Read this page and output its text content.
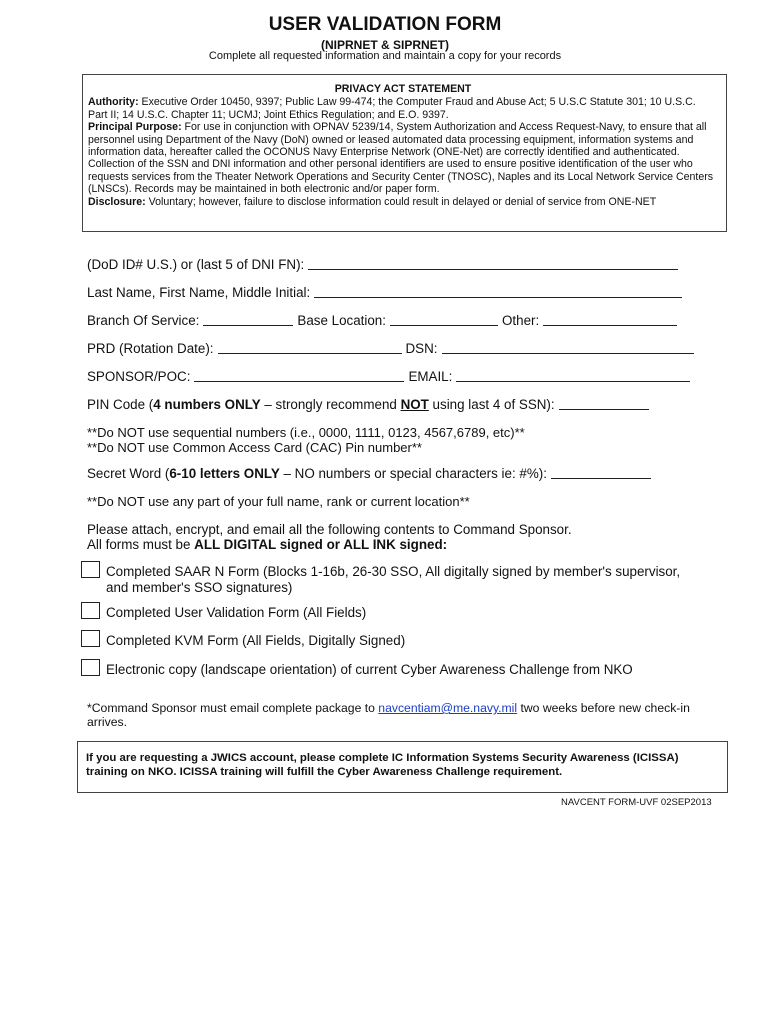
USER VALIDATION FORM
(NIPRNET & SIPRNET)
Complete all requested information and maintain a copy for your records
PRIVACY ACT STATEMENT

Authority: Executive Order 10450, 9397; Public Law 99-474; the Computer Fraud and Abuse Act; 5 U.S.C Statute 301; 10 U.S.C. Part II; 14 U.S.C. Chapter 11; UCMJ; Joint Ethics Regulation; and E.O. 9397.

Principal Purpose: For use in conjunction with OPNAV 5239/14, System Authorization and Access Request-Navy, to ensure that all personnel using Department of the Navy (DoN) owned or leased automated data processing equipment, information systems and information data, hereafter called the OCONUS Navy Enterprise Network (ONE-Net) are correctly identified and authenticated. Collection of the SSN and DNI information and other personal identifiers are used to ensure positive identification of the user who requests services from the Theater Network Operations and Security Center (TNOSC), Naples and its Local Network Service Centers (LNSCs). Records may be maintained in both electronic and/or paper form.

Disclosure: Voluntary; however, failure to disclose information could result in delayed or denial of service from ONE-NET

(DoD ID# U.S.) or (last 5 of DNI FN):
Last Name, First Name, Middle Initial:
Branch Of Service:	Base Location:	Other:
PRD (Rotation Date):	DSN:
SPONSOR/POC:	EMAIL:
PIN Code (4 numbers ONLY – strongly recommend NOT using last 4 of SSN):
**Do NOT use sequential numbers (i.e., 0000, 1111, 0123, 4567,6789, etc)**
**Do NOT use Common Access Card (CAC) Pin number**
Secret Word (6-10 letters ONLY – NO numbers or special characters ie: #%):
**Do NOT use any part of your full name, rank or current location**
Please attach, encrypt, and email all the following contents to Command Sponsor.
All forms must be ALL DIGITAL signed or ALL INK signed:
Completed SAAR N Form (Blocks 1-16b, 26-30 SSO, All digitally signed by member's supervisor, and member's SSO signatures)
Completed User Validation Form (All Fields)
Completed KVM Form (All Fields, Digitally Signed)
Electronic copy (landscape orientation) of current Cyber Awareness Challenge from NKO
*Command Sponsor must email complete package to navcentiam@me.navy.mil two weeks before new check-in arrives.
If you are requesting a JWICS account, please complete IC Information Systems Security Awareness (ICISSA) training on NKO. ICISSA training will fulfill the Cyber Awareness Challenge requirement.
NAVCENT FORM-UVF 02SEP2013
